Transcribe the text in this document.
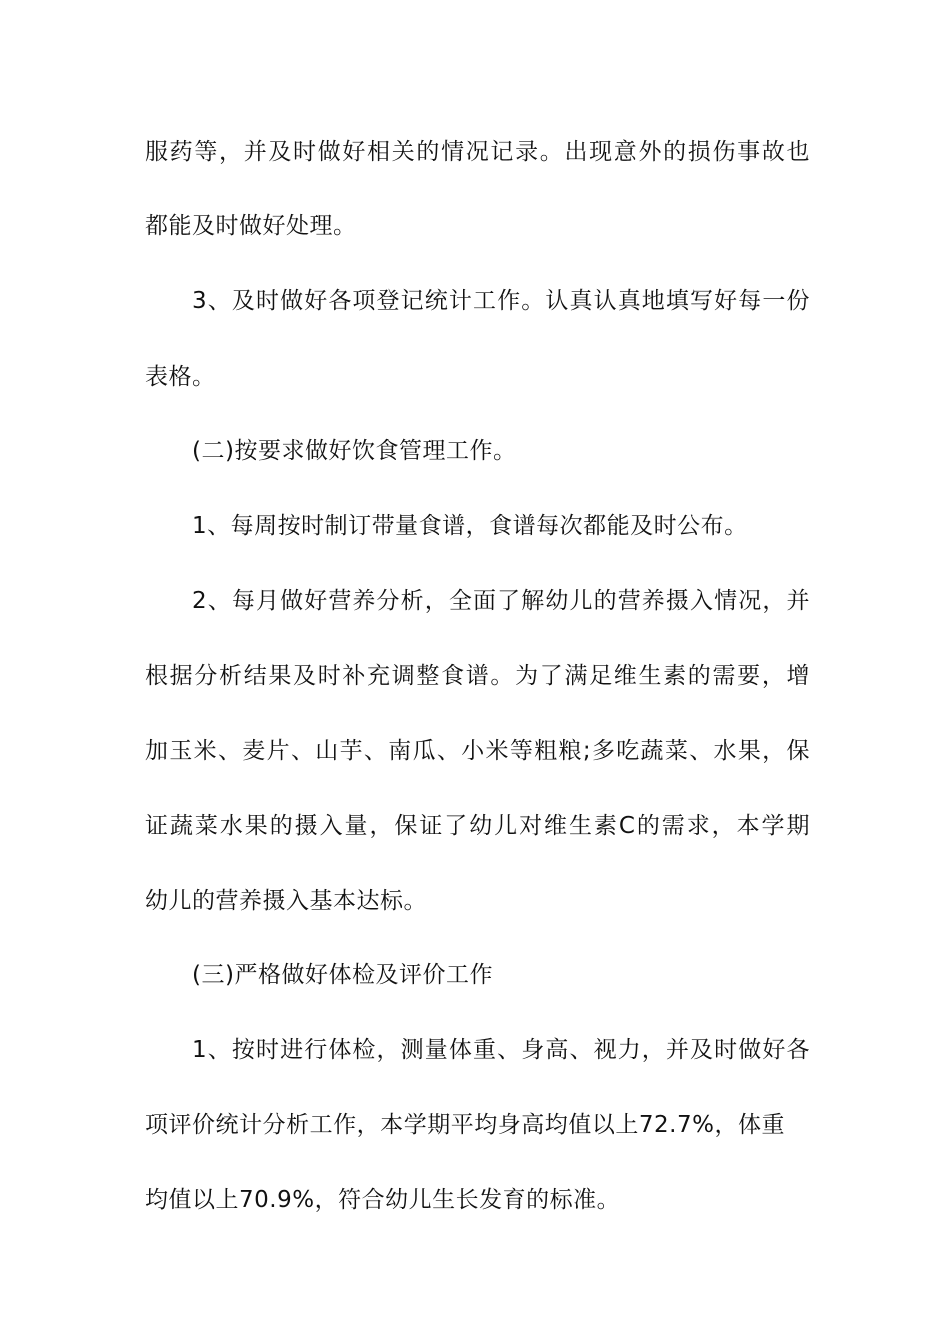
服药等，并及时做好相关的情况记录。出现意外的损伤事故也
都能及时做好处理。
3、及时做好各项登记统计工作。认真认真地填写好每一份
表格。
(二)按要求做好饮食管理工作。
1、每周按时制订带量食谱，食谱每次都能及时公布。
2、每月做好营养分析，全面了解幼儿的营养摄入情况，并
根据分析结果及时补充调整食谱。为了满足维生素的需要，增
加玉米、麦片、山芋、南瓜、小米等粗粮;多吃蔬菜、水果，保
证蔬菜水果的摄入量，保证了幼儿对维生素C的需求，本学期
幼儿的营养摄入基本达标。
(三)严格做好体检及评价工作
1、按时进行体检，测量体重、身高、视力，并及时做好各
项评价统计分析工作，本学期平均身高均值以上72.7%，体重
均值以上70.9%，符合幼儿生长发育的标准。
